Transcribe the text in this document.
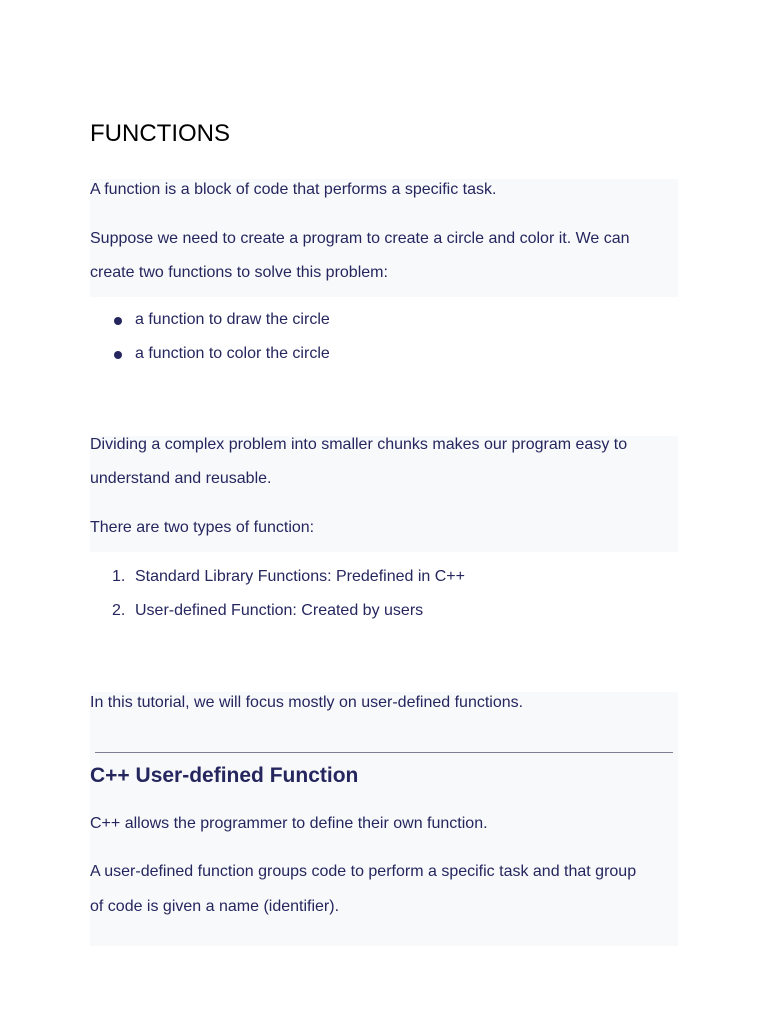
FUNCTIONS

A function is a block of code that performs a specific task.

Suppose we need to create a program to create a circle and color it. We can

create two functions to solve this problem:

a function to draw the circle
a function to color the circle

Dividing a complex problem into smaller chunks makes our program easy to

understand and reusable.

There are two types of function:

1. Standard Library Functions: Predefined in C++
2. User-defined Function: Created by users

In this tutorial, we will focus mostly on user-defined functions.

C++ User-defined Function

C++ allows the programmer to define their own function.

A user-defined function groups code to perform a specific task and that group

of code is given a name (identifier).
